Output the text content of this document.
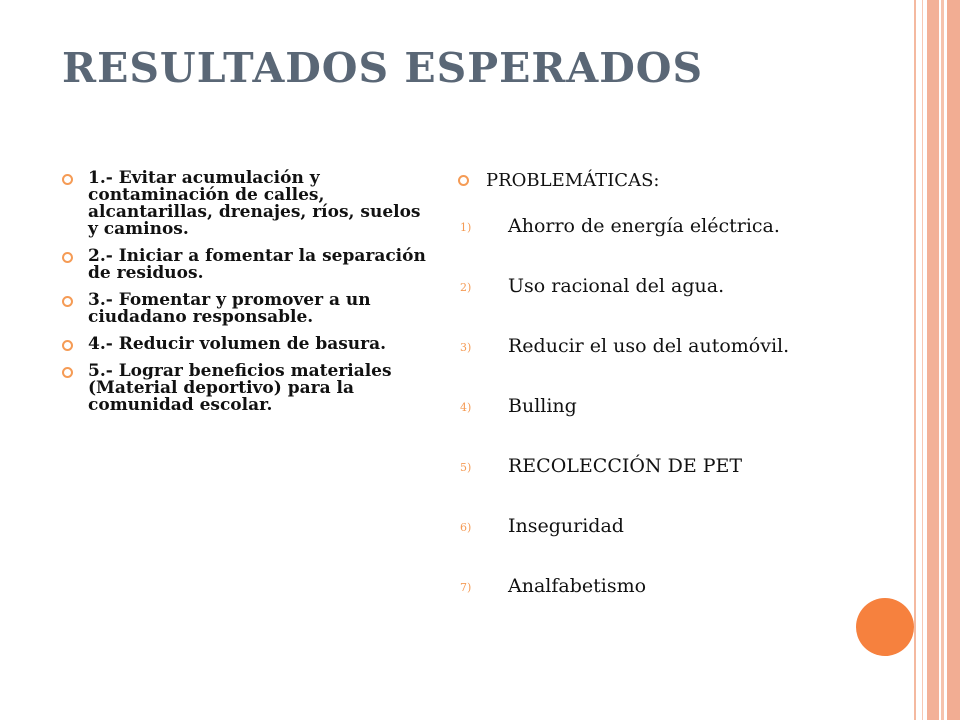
RESULTADOS ESPERADOS
1.- Evitar acumulación y contaminación de calles, alcantarillas, drenajes, ríos, suelos y caminos.
2.- Iniciar a fomentar la separación de residuos.
3.- Fomentar y promover a un ciudadano responsable.
4.- Reducir volumen de basura.
5.- Lograr beneficios materiales (Material deportivo) para la comunidad escolar.
PROBLEMÁTICAS:
1) Ahorro de energía eléctrica.
2) Uso racional del agua.
3) Reducir el uso del automóvil.
4) Bulling
5) RECOLECCIÓN DE PET
6) Inseguridad
7) Analfabetismo
